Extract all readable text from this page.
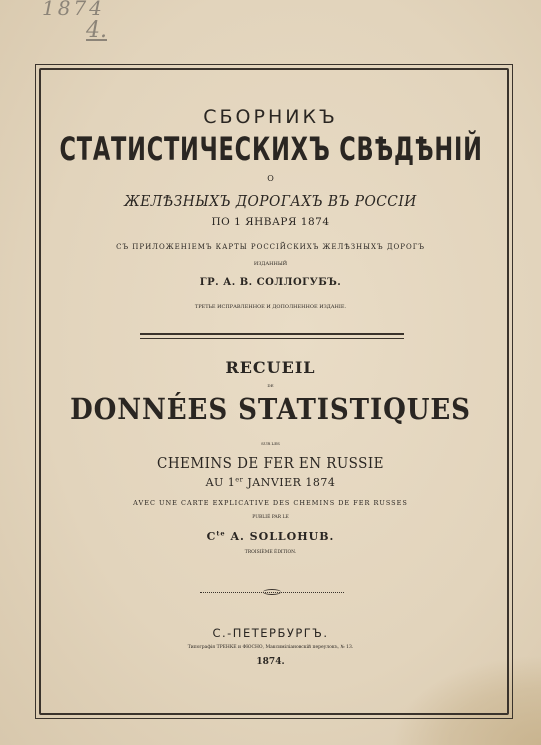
1874
4.
СБОРНИКЪ
СТАТИСТИЧЕСКИХЪ СВѢДѢНІЙ
О
ЖЕЛѢЗНЫХЪ ДОРОГАХЪ ВЪ РОССІИ
ПО 1 ЯНВАРЯ 1874
СЪ ПРИЛОЖЕНІЕМЪ КАРТЫ РОССІЙСКИХЪ ЖЕЛѢЗНЫХЪ ДОРОГЪ
ИЗДАННЫЙ
ГР. А. В. СОЛЛОГУБЪ.
ТРЕТЬЕ ИСПРАВЛЕННОЕ И ДОПОЛНЕННОЕ ИЗДАНІЕ.
RECUEIL
DE
DONNÉES STATISTIQUES
SUR LES
CHEMINS DE FER EN RUSSIE
AU 1er JANVIER 1874
AVEC UNE CARTE EXPLICATIVE DES CHEMINS DE FER RUSSES
PUBLIÉ PAR LE
$C^{te}$ A. SOLLOHUB.
TROISIÈME ÉDITION.
С.-ПЕТЕРБУРГЪ.
Типографія ТРЕНКЕ и ФЮСНО, Максиміліановскій переулокъ, № 13.
1874.
